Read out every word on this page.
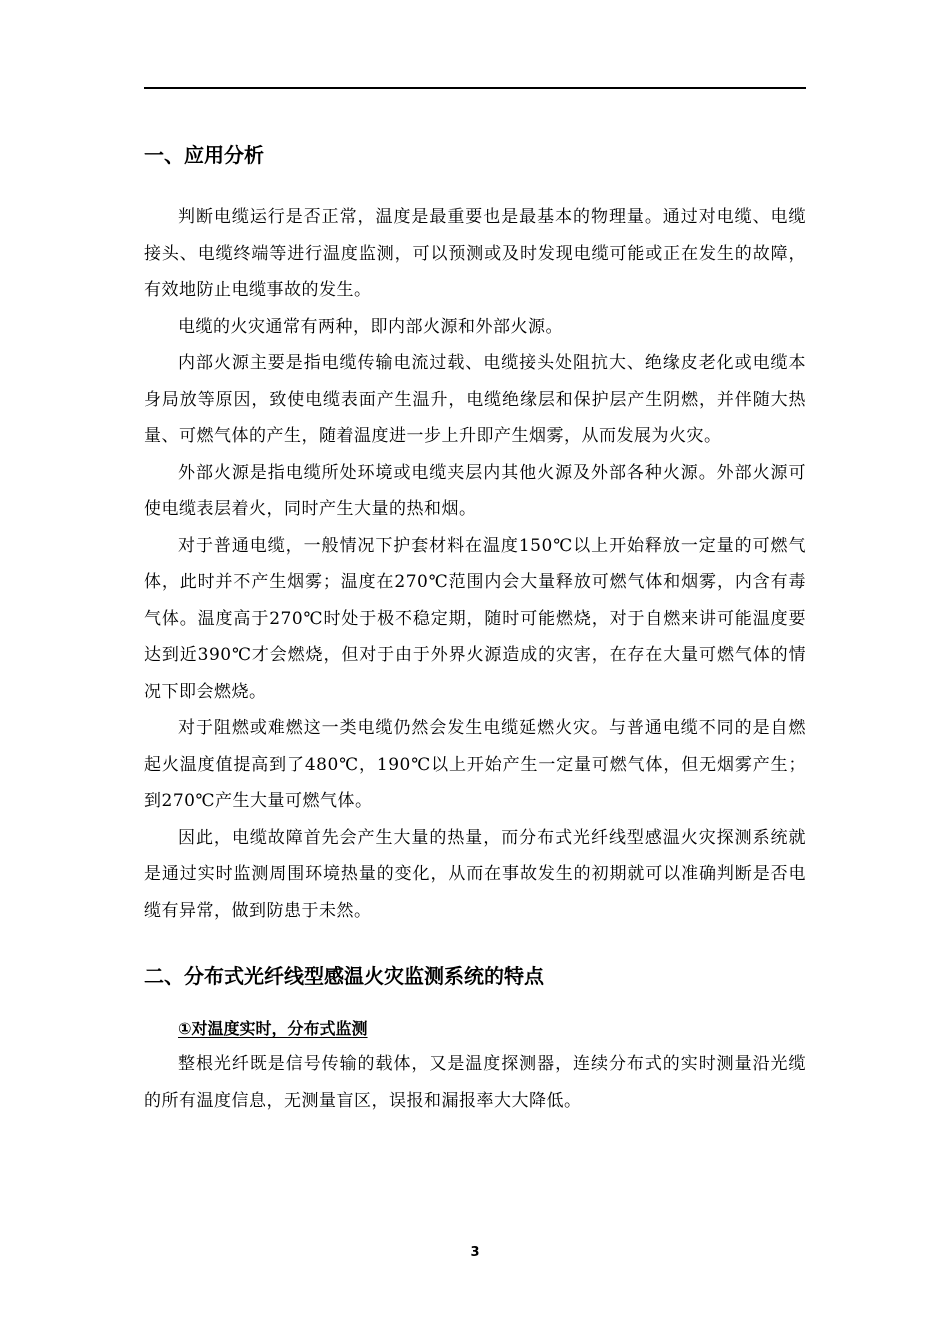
一、应用分析

判断电缆运行是否正常，温度是最重要也是最基本的物理量。通过对电缆、电缆接头、电缆终端等进行温度监测，可以预测或及时发现电缆可能或正在发生的故障，有效地防止电缆事故的发生。

电缆的火灾通常有两种，即内部火源和外部火源。

内部火源主要是指电缆传输电流过载、电缆接头处阻抗大、绝缘皮老化或电缆本身局放等原因，致使电缆表面产生温升，电缆绝缘层和保护层产生阴燃，并伴随大热量、可燃气体的产生，随着温度进一步上升即产生烟雾，从而发展为火灾。

外部火源是指电缆所处环境或电缆夹层内其他火源及外部各种火源。外部火源可使电缆表层着火，同时产生大量的热和烟。

对于普通电缆，一般情况下护套材料在温度150℃以上开始释放一定量的可燃气体，此时并不产生烟雾；温度在270℃范围内会大量释放可燃气体和烟雾，内含有毒气体。温度高于270℃时处于极不稳定期，随时可能燃烧，对于自燃来讲可能温度要达到近390℃才会燃烧，但对于由于外界火源造成的灾害，在存在大量可燃气体的情况下即会燃烧。

对于阻燃或难燃这一类电缆仍然会发生电缆延燃火灾。与普通电缆不同的是自燃起火温度值提高到了480℃，190℃以上开始产生一定量可燃气体，但无烟雾产生；到270℃产生大量可燃气体。

因此，电缆故障首先会产生大量的热量，而分布式光纤线型感温火灾探测系统就是通过实时监测周围环境热量的变化，从而在事故发生的初期就可以准确判断是否电缆有异常，做到防患于未然。

二、分布式光纤线型感温火灾监测系统的特点
①对温度实时，分布式监测

整根光纤既是信号传输的载体，又是温度探测器，连续分布式的实时测量沿光缆的所有温度信息，无测量盲区，误报和漏报率大大降低。

3
